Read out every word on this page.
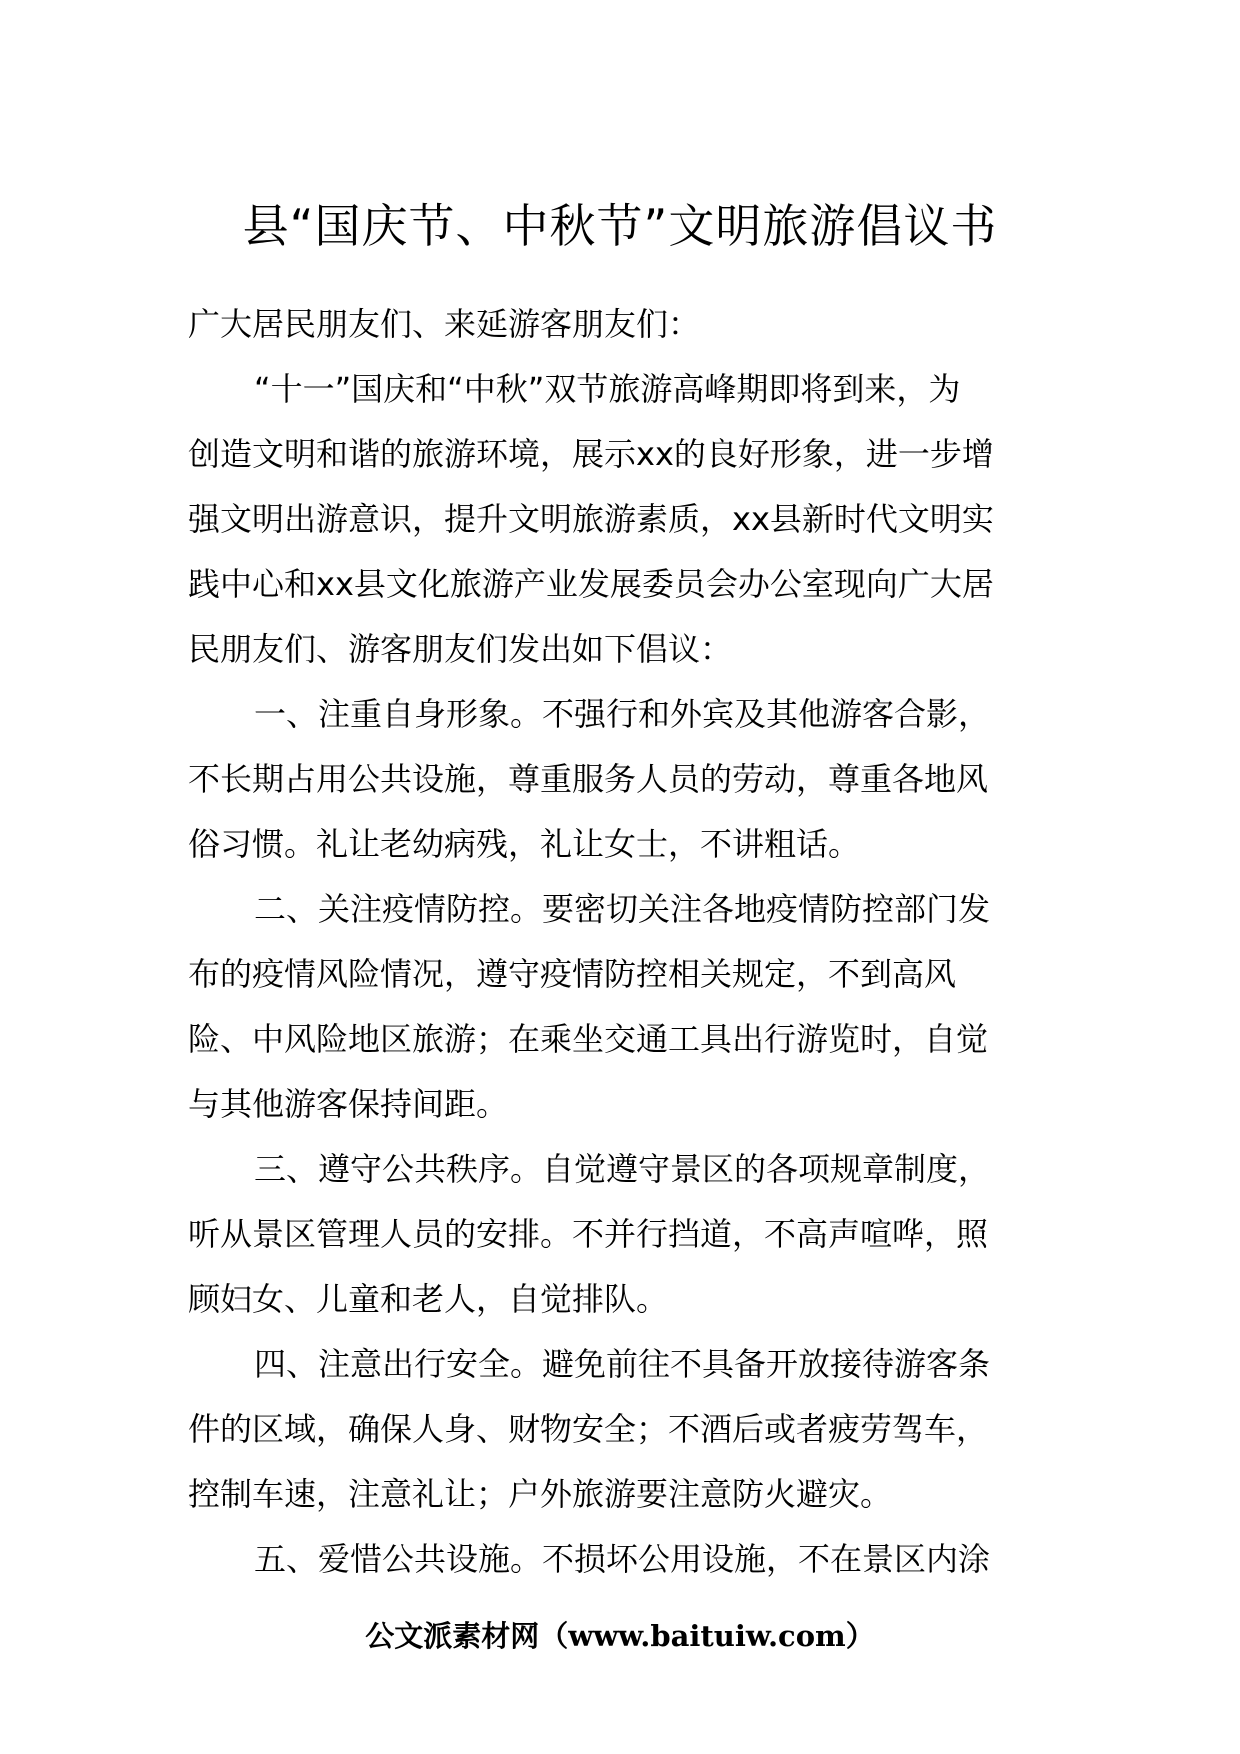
县“国庆节、中秋节”文明旅游倡议书
广大居民朋友们、来延游客朋友们：
“十一”国庆和“中秋”双节旅游高峰期即将到来，为
创造文明和谐的旅游环境，展示xx的良好形象，进一步增
强文明出游意识，提升文明旅游素质，xx县新时代文明实
践中心和xx县文化旅游产业发展委员会办公室现向广大居
民朋友们、游客朋友们发出如下倡议：
一、注重自身形象。不强行和外宾及其他游客合影，
不长期占用公共设施，尊重服务人员的劳动，尊重各地风
俗习惯。礼让老幼病残，礼让女士，不讲粗话。
二、关注疫情防控。要密切关注各地疫情防控部门发
布的疫情风险情况，遵守疫情防控相关规定，不到高风
险、中风险地区旅游；在乘坐交通工具出行游览时，自觉
与其他游客保持间距。
三、遵守公共秩序。自觉遵守景区的各项规章制度，
听从景区管理人员的安排。不并行挡道，不高声喧哗，照
顾妇女、儿童和老人，自觉排队。
四、注意出行安全。避免前往不具备开放接待游客条
件的区域，确保人身、财物安全；不酒后或者疲劳驾车，
控制车速，注意礼让；户外旅游要注意防火避灾。
五、爱惜公共设施。不损坏公用设施，不在景区内涂
公文派素材网（www.baituiw.com）
